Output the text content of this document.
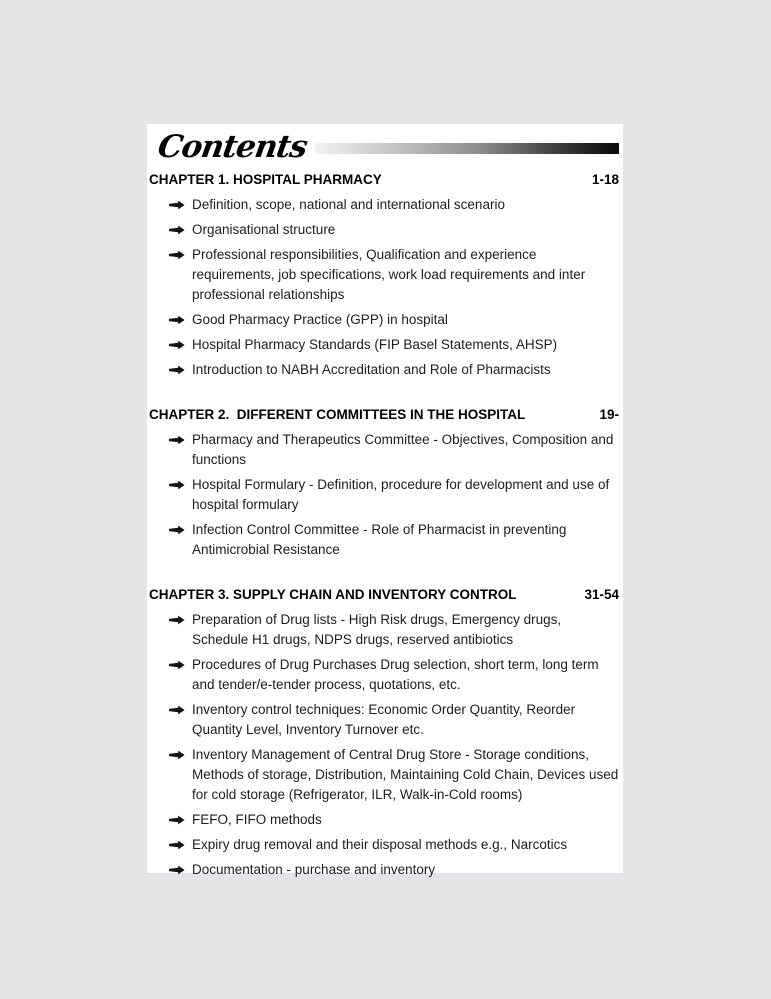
Contents
CHAPTER 1. HOSPITAL PHARMACY	1-18
Definition, scope, national and international scenario
Organisational structure
Professional responsibilities, Qualification and experience requirements, job specifications, work load requirements and inter professional relationships
Good Pharmacy Practice (GPP) in hospital
Hospital Pharmacy Standards (FIP Basel Statements, AHSP)
Introduction to NABH Accreditation and Role of Pharmacists
CHAPTER 2.  DIFFERENT COMMITTEES IN THE HOSPITAL	19-
Pharmacy and Therapeutics Committee - Objectives, Composition and functions
Hospital Formulary - Definition, procedure for development and use of hospital formulary
Infection Control Committee - Role of Pharmacist in preventing Antimicrobial Resistance
CHAPTER 3. SUPPLY CHAIN AND INVENTORY CONTROL	31-54
Preparation of Drug lists - High Risk drugs, Emergency drugs, Schedule H1 drugs, NDPS drugs, reserved antibiotics
Procedures of Drug Purchases Drug selection, short term, long term and tender/e-tender process, quotations, etc.
Inventory control techniques: Economic Order Quantity, Reorder Quantity Level, Inventory Turnover etc.
Inventory Management of Central Drug Store - Storage conditions, Methods of storage, Distribution, Maintaining Cold Chain, Devices used for cold storage (Refrigerator, ILR, Walk-in-Cold rooms)
FEFO, FIFO methods
Expiry drug removal and their disposal methods e.g., Narcotics
Documentation - purchase and inventory
